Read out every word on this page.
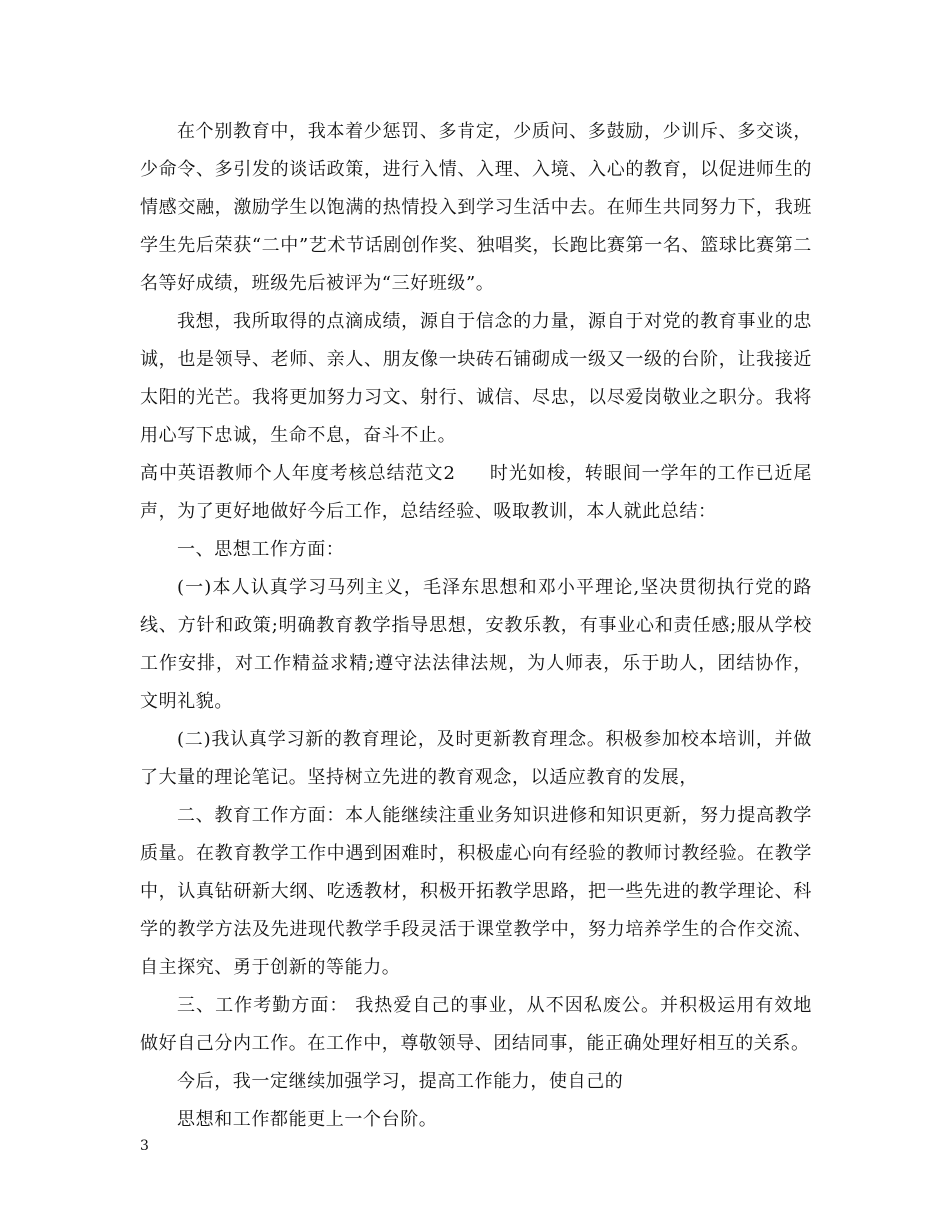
在个别教育中，我本着少惩罚、多肯定，少质问、多鼓励，少训斥、多交谈，少命令、多引发的谈话政策，进行入情、入理、入境、入心的教育，以促进师生的情感交融，激励学生以饱满的热情投入到学习生活中去。在师生共同努力下，我班学生先后荣获“二中”艺术节话剧创作奖、独唱奖，长跑比赛第一名、篮球比赛第二名等好成绩，班级先后被评为“三好班级”。

我想，我所取得的点滴成绩，源自于信念的力量，源自于对党的教育事业的忠诚，也是领导、老师、亲人、朋友像一块砖石铺砌成一级又一级的台阶，让我接近太阳的光芒。我将更加努力习文、射行、诚信、尽忠，以尽爱岗敬业之职分。我将用心写下忠诚，生命不息，奋斗不止。

高中英语教师个人年度考核总结范文2 时光如梭，转眼间一学年的工作已近尾声，为了更好地做好今后工作，总结经验、吸取教训，本人就此总结：

一、思想工作方面：

(一)本人认真学习马列主义，毛泽东思想和邓小平理论,坚决贯彻执行党的路线、方针和政策;明确教育教学指导思想，安教乐教，有事业心和责任感;服从学校工作安排，对工作精益求精;遵守法法律法规，为人师表，乐于助人，团结协作，文明礼貌。

(二)我认真学习新的教育理论，及时更新教育理念。积极参加校本培训，并做了大量的理论笔记。坚持树立先进的教育观念，以适应教育的发展，

二、教育工作方面：本人能继续注重业务知识进修和知识更新，努力提高教学质量。在教育教学工作中遇到困难时，积极虚心向有经验的教师讨教经验。在教学中，认真钻研新大纲、吃透教材，积极开拓教学思路，把一些先进的教学理论、科学的教学方法及先进现代教学手段灵活于课堂教学中，努力培养学生的合作交流、自主探究、勇于创新的等能力。

三、工作考勤方面： 我热爱自己的事业，从不因私废公。并积极运用有效地做好自己分内工作。在工作中，尊敬领导、团结同事，能正确处理好相互的关系。

今后，我一定继续加强学习，提高工作能力，使自己的

思想和工作都能更上一个台阶。

3
